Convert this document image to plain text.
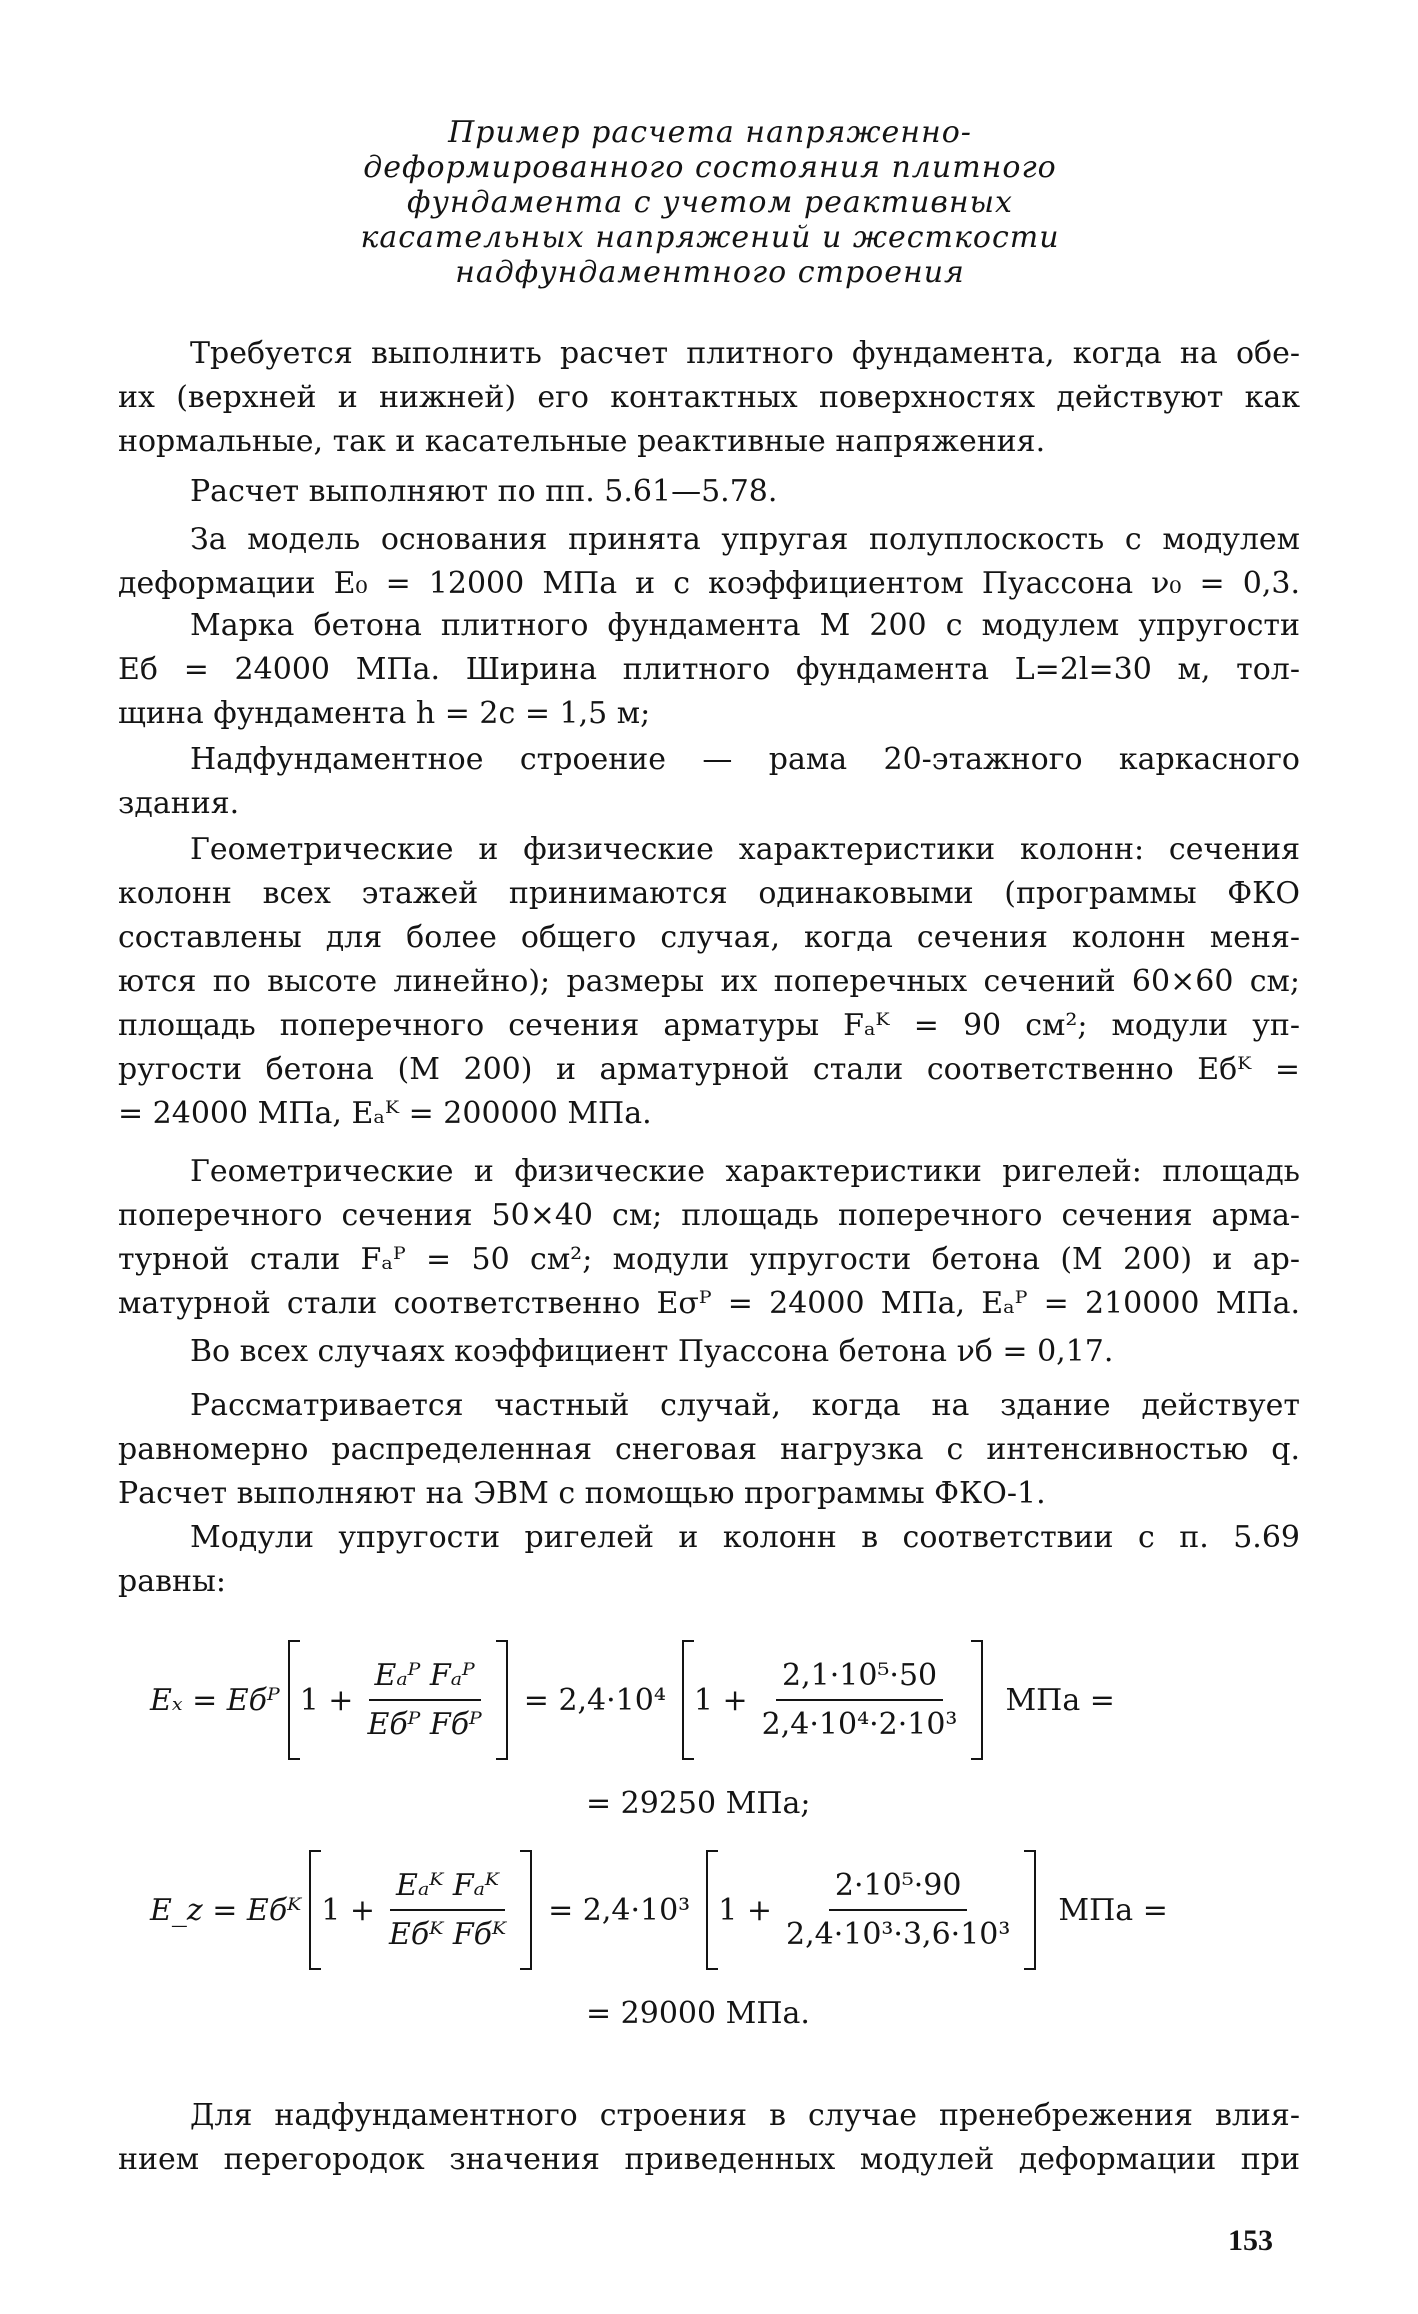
Пример расчета напряженно-
деформированного состояния плитного
фундамента с учетом реактивных
касательных напряжений и жесткости
надфундаментного строения
Требуется выполнить расчет плитного фундамента, когда на обе-
их (верхней и нижней) его контактных поверхностях действуют как
нормальные, так и касательные реактивные напряжения.
Расчет выполняют по пп. 5.61—5.78.
За модель основания принята упругая полуплоскость с модулем
деформации E₀ = 12000 МПа и с коэффициентом Пуассона ν₀ = 0,3.
Марка бетона плитного фундамента М 200 с модулем упругости
Eб = 24000 МПа. Ширина плитного фундамента L=2l=30 м, тол-
щина фундамента h = 2c = 1,5 м;
Надфундаментное строение — рама 20-этажного каркасного
здания.
Геометрические и физические характеристики колонн: сечения
колонн всех этажей принимаются одинаковыми (программы ФКО
составлены для более общего случая, когда сечения колонн меня-
ются по высоте линейно); размеры их поперечных сечений 60×60 см;
площадь поперечного сечения арматуры Fₐᴷ = 90 см²; модули уп-
ругости бетона (М 200) и арматурной стали соответственно Eбᴷ =
= 24000 МПа, Eₐᴷ = 200000 МПа.
Геометрические и физические характеристики ригелей: площадь
поперечного сечения 50×40 см; площадь поперечного сечения арма-
турной стали Fₐᴾ = 50 см²; модули упругости бетона (М 200) и ар-
матурной стали соответственно Eσᴾ = 24000 МПа, Eₐᴾ = 210000 МПа.
Во всех случаях коэффициент Пуассона бетона νб = 0,17.
Рассматривается частный случай, когда на здание действует
равномерно распределенная снеговая нагрузка с интенсивностью q.
Расчет выполняют на ЭВМ с помощью программы ФКО-1.
Модули упругости ригелей и колонн в соответствии с п. 5.69
равны:
Eₓ = Eбᴾ $1 + \frac{\text{Eₐᴾ Fₐᴾ}}{\text{Eбᴾ Fбᴾ}} = 2,4\cdot 10^4$ $1 + \frac{\text{2,1·10⁵·50}}{\text{2,4·10⁴·2·10³}}$ МПа =
= 29250 МПа;
E_z = Eбᴷ $1 + \frac{\text{Eₐᴷ Fₐᴷ}}{\text{Eбᴷ Fбᴷ}} = 2,4\cdot 10^3$ $1 + \frac{\text{2·10⁵·90}}{\text{2,4·10³·3,6·10³}}$ МПа =
= 29000 МПа.
Для надфундаментного строения в случае пренебрежения влия-
нием перегородок значения приведенных модулей деформации при
153
